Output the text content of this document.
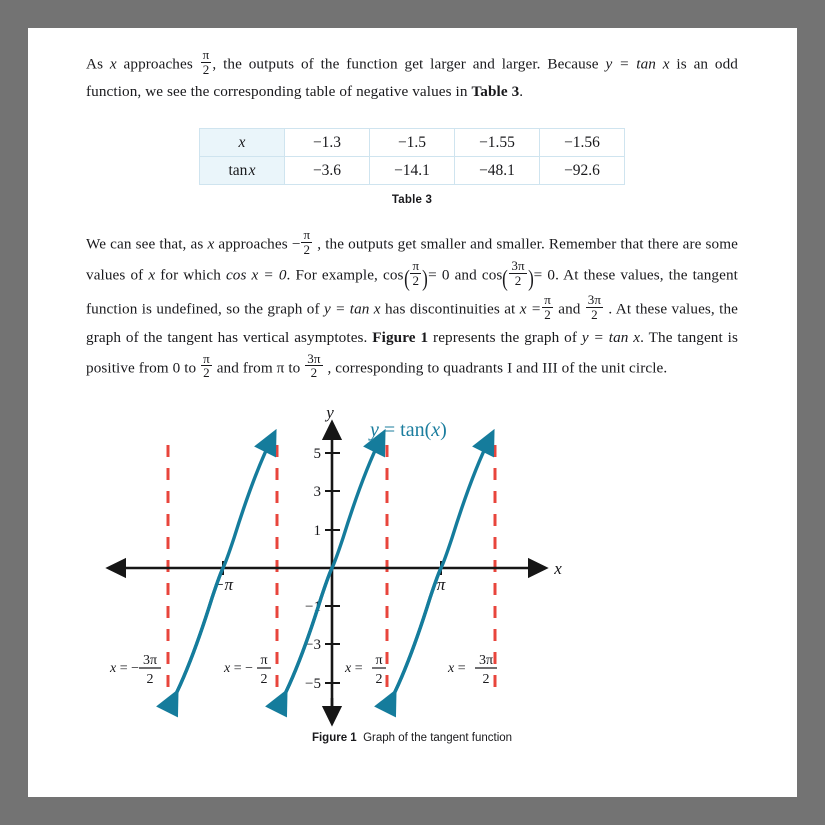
As x approaches $\frac{\pi}{2}$ , the outputs of the function get larger and larger. Because y = tan x is an odd function, we see the corresponding table of negative values in Table 3.

x	−1.3	−1.5	−1.55	−1.56
tan x	−3.6	−14.1	−48.1	−92.6
Table 3

We can see that, as x approaches − $\frac{\pi}{2}$ , the outputs get smaller and smaller. Remember that there are some values of x for which cos x = 0. For example, $\cos( \frac{\pi}{2}$ )= 0 and $\cos( \frac{3\pi}{2}$ )= 0. At these values, the tangent function is undefined, so the graph of y = tan x has discontinuities at $x = \frac{\pi}{2}$ and $\frac{3\pi}{2}$ . At these values, the graph of the tangent has vertical asymptotes. Figure 1 represents the graph of y = tan x. The tangent is positive from 0 to $\frac{\pi}{2}$ and from π to $\frac{3\pi}{2}$ , corresponding to quadrants I and III of the unit circle.

5
3
1
−1
−3
−5
−π	π
y
x
y = tan(x)
x = −
3π
2
x = −
π
2
x =
π
2
x =
3π
2
Figure 1 Graph of the tangent function
